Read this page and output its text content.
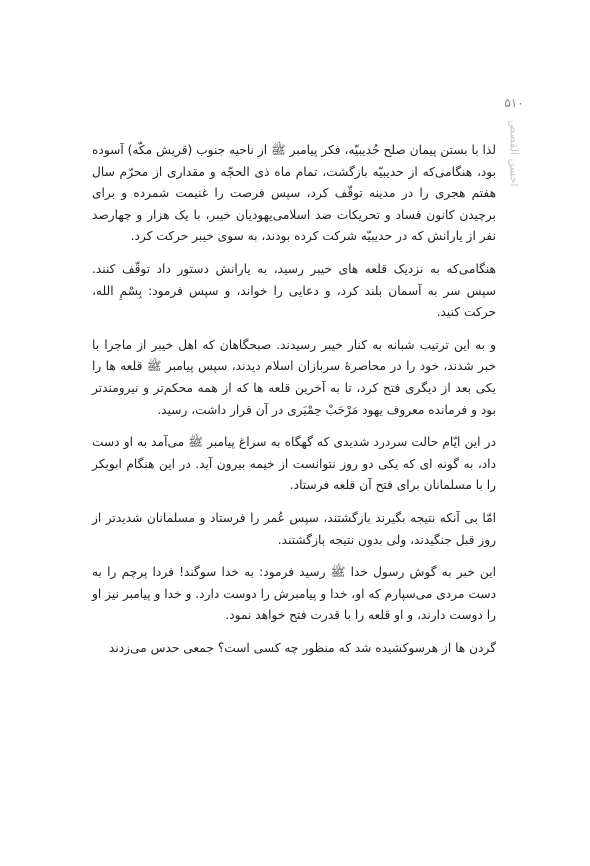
۵۱۰
احسن القصص

لذا با بستن پیمان صلح حُدیبیّه، فکر پیامبر ﷺ از ناحیه جنوب (قریش مکّه) آسوده بود، هنگامی‌که از حدیبیّه بازگشت، تمام ماه ذی الحجّه و مقداری از محرّم سال هفتم هجری را در مدینه توقّف کرد، سپس فرصت را غنیمت شمرده و برای برچیدن کانون فساد و تحریکات ضد اسلامی‌یهودیان خیبر، با یک هزار و چهارصد نفر از یارانش که در حدیبیّه شرکت کرده بودند، به سوی خیبر حرکت کرد.

هنگامی‌که به نزدیک قلعه های خیبر رسید، به یارانش دستور داد توقّف کنند. سپس سر به آسمان بلند کرد، و دعایی را خواند، و سپس فرمود: بِسْمِ الله، حرکت کنید.

و به این ترتیب شبانه به کنار خیبر رسیدند. صبحگاهان که اهل خیبر از ماجرا با خبر شدند، خود را در محاصرهٔ سربازان اسلام دیدند، سپس پیامبر ﷺ قلعه ها را یکی بعد از دیگری فتح کرد، تا به آخرین قلعه ها که از همه محکم‌تر و نیرومندتر بود و فرمانده معروف یهود مَرْحَبْ حِمْیَری در آن قرار داشت، رسید.

در این ایّام حالت سردرد شدیدی که گهگاه به سراغ پیامبر ﷺ می‌آمد به او دست داد، به گونه ای که یکی دو روز نتوانست از خیمه بیرون آید. در این هنگام ابوبکر را با مسلمانان برای فتح آن قلعه فرستاد.

امّا بی آنکه نتیجه بگیرند بازگشتند، سپس عُمر را فرستاد و مسلمانان شدیدتر از روز قبل جنگیدند، ولی بدون نتیجه بازگشتند.

این خبر به گوش رسول خدا ﷺ رسید فرمود: به خدا سوگند! فردا پرچم را به دست مردی می‌سپارم که او، خدا و پیامبرش را دوست دارد. و خدا و پیامبر نیز او را دوست دارند، و او قلعه را با قدرت فتح خواهد نمود.

گردن ها از هرسوکشیده شد که منظور چه کسی است؟ جمعی حدس می‌زدند
